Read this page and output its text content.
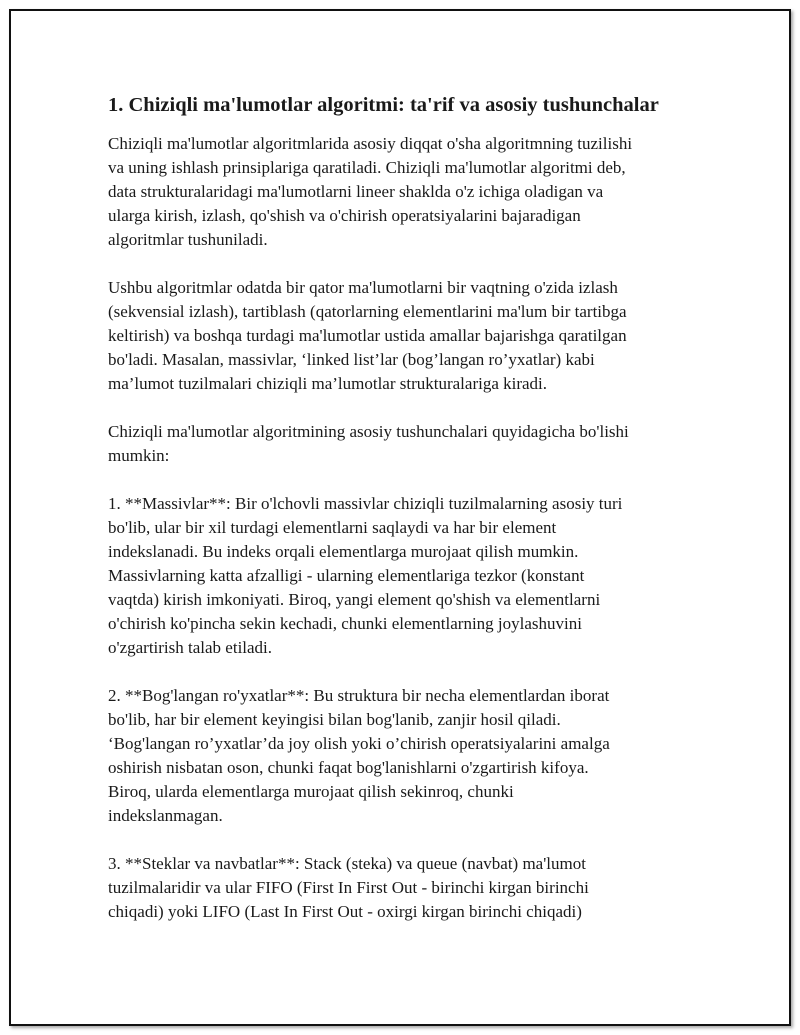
1. Chiziqli ma'lumotlar algoritmi: ta'rif va asosiy tushunchalar

Chiziqli ma'lumotlar algoritmlarida asosiy diqqat o'sha algoritmning tuzilishi
va uning ishlash prinsiplariga qaratiladi. Chiziqli ma'lumotlar algoritmi deb,
data strukturalaridagi ma'lumotlarni lineer shaklda o'z ichiga oladigan va
ularga kirish, izlash, qo'shish va o'chirish operatsiyalarini bajaradigan
algoritmlar tushuniladi.

Ushbu algoritmlar odatda bir qator ma'lumotlarni bir vaqtning o'zida izlash
(sekvensial izlash), tartiblash (qatorlarning elementlarini ma'lum bir tartibga
keltirish) va boshqa turdagi ma'lumotlar ustida amallar bajarishga qaratilgan
bo'ladi. Masalan, massivlar, ‘linked list’lar (bog’langan ro’yxatlar) kabi
ma’lumot tuzilmalari chiziqli ma’lumotlar strukturalariga kiradi.

Chiziqli ma'lumotlar algoritmining asosiy tushunchalari quyidagicha bo'lishi
mumkin:

1. **Massivlar**: Bir o'lchovli massivlar chiziqli tuzilmalarning asosiy turi
bo'lib, ular bir xil turdagi elementlarni saqlaydi va har bir element
indekslanadi. Bu indeks orqali elementlarga murojaat qilish mumkin.
Massivlarning katta afzalligi - ularning elementlariga tezkor (konstant
vaqtda) kirish imkoniyati. Biroq, yangi element qo'shish va elementlarni
o'chirish ko'pincha sekin kechadi, chunki elementlarning joylashuvini
o'zgartirish talab etiladi.

2. **Bog'langan ro'yxatlar**: Bu struktura bir necha elementlardan iborat
bo'lib, har bir element keyingisi bilan bog'lanib, zanjir hosil qiladi.
‘Bog'langan ro’yxatlar’da joy olish yoki o’chirish operatsiyalarini amalga
oshirish nisbatan oson, chunki faqat bog'lanishlarni o'zgartirish kifoya.
Biroq, ularda elementlarga murojaat qilish sekinroq, chunki
indekslanmagan.

3. **Steklar va navbatlar**: Stack (steka) va queue (navbat) ma'lumot
tuzilmalaridir va ular FIFO (First In First Out - birinchi kirgan birinchi
chiqadi) yoki LIFO (Last In First Out - oxirgi kirgan birinchi chiqadi)
